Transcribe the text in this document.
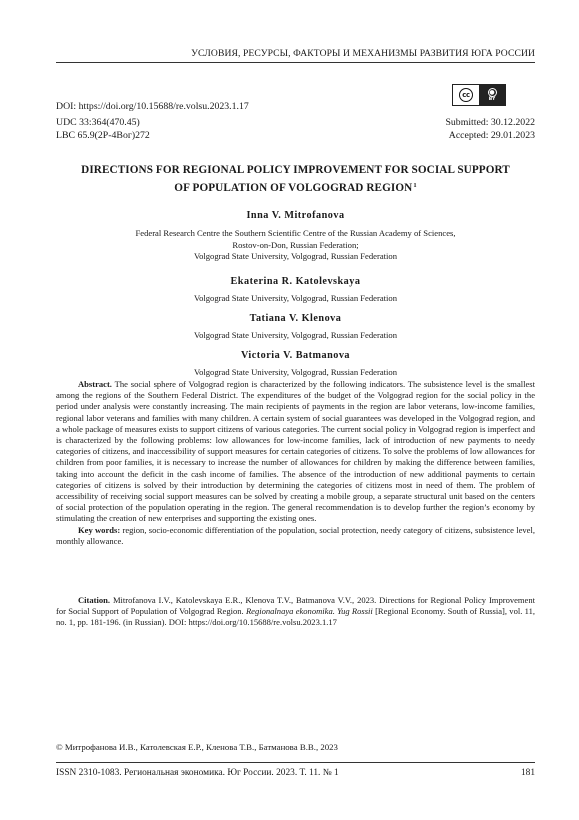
УСЛОВИЯ, РЕСУРСЫ, ФАКТОРЫ И МЕХАНИЗМЫ РАЗВИТИЯ ЮГА РОССИИ
DOI: https://doi.org/10.15688/re.volsu.2023.1.17
cc	●
BY
UDC 33:364(470.45)
LBC 65.9(2Р-4Вог)272
Submitted: 30.12.2022
Accepted: 29.01.2023
DIRECTIONS FOR REGIONAL POLICY IMPROVEMENT FOR SOCIAL SUPPORT
OF POPULATION OF VOLGOGRAD REGION$^1$
Inna V. Mitrofanova
Federal Research Centre the Southern Scientific Centre of the Russian Academy of Sciences,
Rostov-on-Don, Russian Federation;
Volgograd State University, Volgograd, Russian Federation
Ekaterina R. Katolevskaya
Volgograd State University, Volgograd, Russian Federation
Tatiana V. Klenova
Volgograd State University, Volgograd, Russian Federation
Victoria V. Batmanova
Volgograd State University, Volgograd, Russian Federation

Abstract. The social sphere of Volgograd region is characterized by the following indicators. The subsistence level is the smallest among the regions of the Southern Federal District. The expenditures of the budget of the Volgograd region for the social policy in the period under analysis were constantly increasing. The main recipients of payments in the region are labor veterans, low-income families, regional labor veterans and families with many children. A certain system of social guarantees was developed in the Volgograd region, and a whole package of measures exists to support citizens of various categories. The current social policy in Volgograd region is imperfect and is characterized by the following problems: low allowances for low-income families, lack of introduction of new payments to needy categories of citizens, and inaccessibility of support measures for certain categories of citizens. To solve the problems of low allowances for children from poor families, it is necessary to increase the number of allowances for children by making the difference between families, taking into account the deficit in the cash income of families. The absence of the introduction of new additional payments to certain categories of citizens is solved by their introduction by determining the categories of citizens most in need of them. The problem of accessibility of receiving social support measures can be solved by creating a mobile group, a separate structural unit based on the centers of social protection of the population operating in the region. The general recommendation is to develop further the region’s economy by stimulating the creation of new enterprises and supporting the existing ones.

Key words: region, socio-economic differentiation of the population, social protection, needy category of citizens, subsistence level, monthly allowance.

Citation. Mitrofanova I.V., Katolevskaya E.R., Klenova T.V., Batmanova V.V., 2023. Directions for Regional Policy Improvement for Social Support of Population of Volgograd Region. Regionalnaya ekonomika. Yug Rossii [Regional Economy. South of Russia], vol. 11, no. 1, pp. 181-196. (in Russian). DOI: https://doi.org/10.15688/re.volsu.2023.1.17
© Митрофанова И.В., Католевская Е.Р., Кленова Т.В., Батманова В.В., 2023
ISSN 2310-1083. Региональная экономика. Юг России. 2023. Т. 11. № 1	181
